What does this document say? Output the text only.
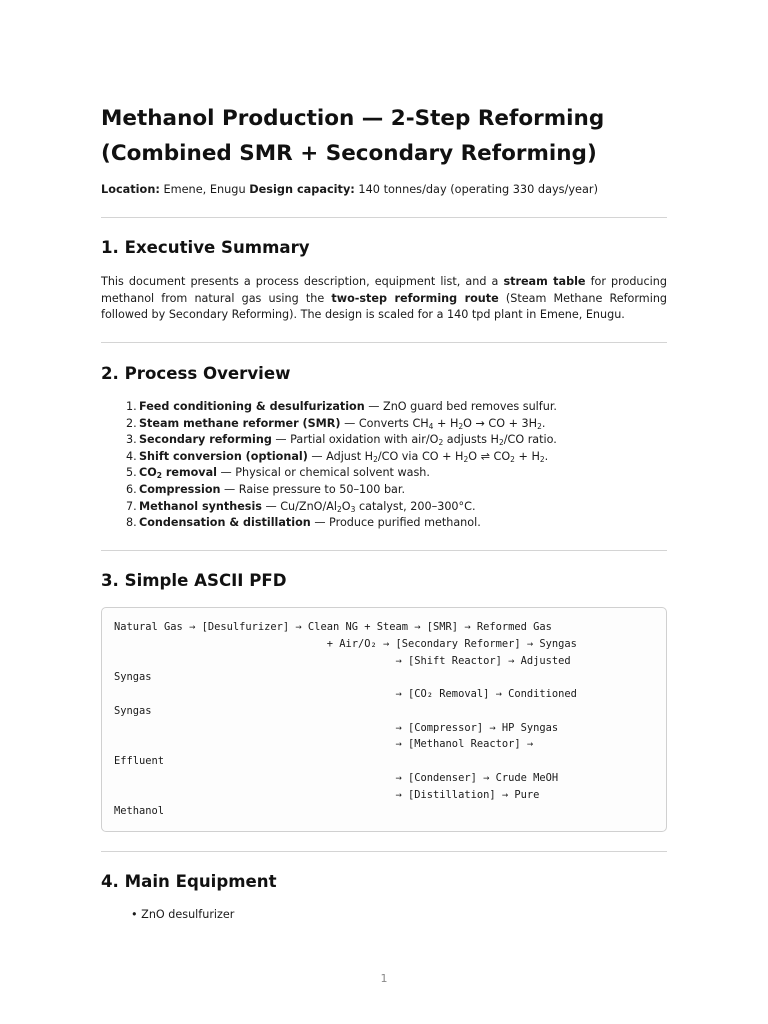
Methanol Production — 2-Step Reforming
(Combined SMR + Secondary Reforming)

Location: Emene, Enugu Design capacity: 140 tonnes/day (operating 330 days/year)

1. Executive Summary

This document presents a process description, equipment list, and a stream table for producing methanol from natural gas using the two-step reforming route (Steam Methane Reforming followed by Secondary Reforming). The design is scaled for a 140 tpd plant in Emene, Enugu.

2. Process Overview
1. Feed conditioning & desulfurization — ZnO guard bed removes sulfur.
2. Steam methane reformer (SMR) — Converts $CH_4 + H_2O$ → CO + $3H_2$.
3. Secondary reforming — Partial oxidation with air/$O_2$ adjusts $H_2/CO$ ratio.
4. Shift conversion (optional) — Adjust $H_2/CO$ via CO + $H_2O$ ⇌ $CO_2 + H_2$.
5. $CO_2$ removal — Physical or chemical solvent wash.
6. Compression — Raise pressure to 50–100 bar.
7. Methanol synthesis — $Cu/ZnO/Al_2O_3$ catalyst, 200–300°C.
8. Condensation & distillation — Produce purified methanol.
3. Simple ASCII PFD
Natural Gas → [Desulfurizer] → Clean NG + Steam → [SMR] → Reformed Gas
+ Air/O₂ → [Secondary Reformer] → Syngas
→ [Shift Reactor] → Adjusted
Syngas
→ [CO₂ Removal] → Conditioned
Syngas
→ [Compressor] → HP Syngas
→ [Methanol Reactor] →
Effluent
→ [Condenser] → Crude MeOH
→ [Distillation] → Pure
Methanol
4. Main Equipment
• ZnO desulfurizer
1
